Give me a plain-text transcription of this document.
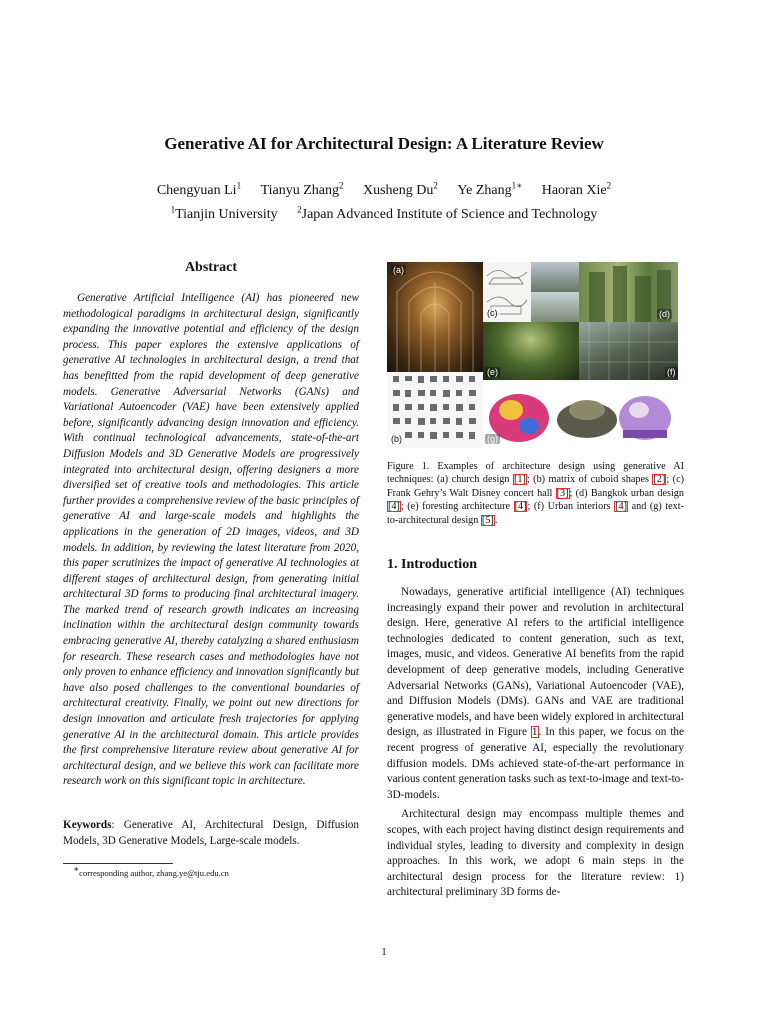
Generative AI for Architectural Design: A Literature Review
Chengyuan Li$^1$ Tianyu Zhang$^2$ Xusheng Du$^2$ Ye Zhang$^{1∗}$ Haoran Xie$^2$
$^1$Tianjin University $^2$Japan Advanced Institute of Science and Technology
Abstract

Generative Artificial Intelligence (AI) has pioneered new methodological paradigms in architectural design, significantly expanding the innovative potential and efficiency of the design process. This paper explores the extensive applications of generative AI technologies in architectural design, a trend that has benefitted from the rapid development of deep generative models. Generative Adversarial Networks (GANs) and Variational Autoencoder (VAE) have been extensively applied before, significantly advancing design innovation and efficiency. With continual technological advancements, state-of-the-art Diffusion Models and 3D Generative Models are progressively integrated into architectural design, offering designers a more diversified set of creative tools and methodologies. This article further provides a comprehensive review of the basic principles of generative AI and large-scale models and highlights the applications in the generation of 2D images, videos, and 3D models. In addition, by reviewing the latest literature from 2020, this paper scrutinizes the impact of generative AI technologies at different stages of architectural design, from generating initial architectural 3D forms to producing final architectural imagery. The marked trend of research growth indicates an increasing inclination within the architectural design community towards embracing generative AI, thereby catalyzing a shared enthusiasm for research. These research cases and methodologies have not only proven to enhance efficiency and innovation significantly but have also posed challenges to the conventional boundaries of architectural creativity. Finally, we point out new directions for design innovation and articulate fresh trajectories for applying generative AI in the architectural domain. This article provides the first comprehensive literature review about generative AI for architectural design, and we believe this work can facilitate more research work on this significant topic in architecture.

Keywords: Generative AI, Architectural Design, Diffusion Models, 3D Generative Models, Large-scale models.

∗corresponding author, zhang.ye@tju.edu.cn

(a)
(c)	(d)
(e)	(f)
(b)	(g)

Figure 1. Examples of architecture design using generative AI techniques: (a) church design [1]; (b) matrix of cuboid shapes [2]; (c) Frank Gehry’s Walt Disney concert hall [3]; (d) Bangkok urban design [4]; (e) foresting architecture [4]; (f) Urban interiors [4] and (g) text-to-architectural design [5].

1. Introduction

Nowadays, generative artificial intelligence (AI) techniques increasingly expand their power and revolution in architectural design. Here, generative AI refers to the artificial intelligence technologies dedicated to content generation, such as text, images, music, and videos. Generative AI benefits from the rapid development of deep generative models, including Generative Adversarial Networks (GANs), Variational Autoencoder (VAE), and Diffusion Models (DMs). GANs and VAE are traditional generative models, and have been widely explored in architectural design, as illustrated in Figure 1. In this paper, we focus on the recent progress of generative AI, especially the revolutionary diffusion models. DMs achieved state-of-the-art performance in various content generation tasks such as text-to-image and text-to-3D-models.

Architectural design may encompass multiple themes and scopes, with each project having distinct design requirements and individual styles, leading to diversity and complexity in design approaches. In this work, we adopt 6 main steps in the architectural design process for the literature review: 1) architectural preliminary 3D forms de-

1
